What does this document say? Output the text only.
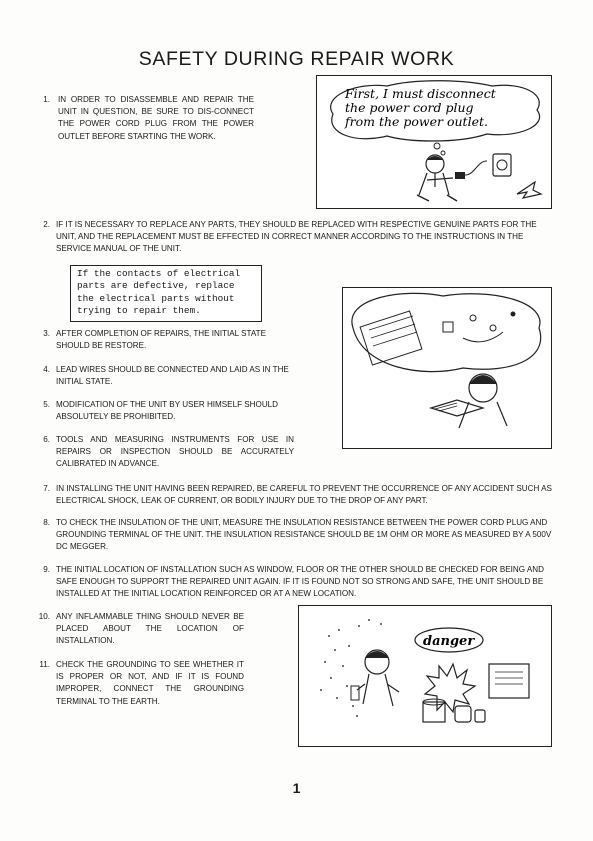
SAFETY DURING REPAIR WORK
1. IN ORDER TO DISASSEMBLE AND REPAIR THE UNIT IN QUESTION, BE SURE TO DIS-CONNECT THE POWER CORD PLUG FROM THE POWER OUTLET BEFORE STARTING THE WORK.
First, I must disconnect
the power cord plug
from the power outlet.
2. IF IT IS NECESSARY TO REPLACE ANY PARTS, THEY SHOULD BE REPLACED WITH RESPECTIVE GENUINE PARTS FOR THE UNIT, AND THE REPLACEMENT MUST BE EFFECTED IN CORRECT MANNER ACCORDING TO THE INSTRUCTIONS IN THE SERVICE MANUAL OF THE UNIT.
If the contacts of electrical parts are defective, replace the electrical parts without trying to repair them.
3. AFTER COMPLETION OF REPAIRS, THE INITIAL STATE SHOULD BE RESTORE.
4. LEAD WIRES SHOULD BE CONNECTED AND LAID AS IN THE INITIAL STATE.
5. MODIFICATION OF THE UNIT BY USER HIMSELF SHOULD ABSOLUTELY BE PROHIBITED.
6. TOOLS AND MEASURING INSTRUMENTS FOR USE IN REPAIRS OR INSPECTION SHOULD BE ACCURATELY CALIBRATED IN ADVANCE.
7. IN INSTALLING THE UNIT HAVING BEEN REPAIRED, BE CAREFUL TO PREVENT THE OCCURRENCE OF ANY ACCIDENT SUCH AS ELECTRICAL SHOCK, LEAK OF CURRENT, OR BODILY INJURY DUE TO THE DROP OF ANY PART.
8. TO CHECK THE INSULATION OF THE UNIT, MEASURE THE INSULATION RESISTANCE BETWEEN THE POWER CORD PLUG AND GROUNDING TERMINAL OF THE UNIT. THE INSULATION RESISTANCE SHOULD BE 1M OHM OR MORE AS MEASURED BY A 500V DC MEGGER.
9. THE INITIAL LOCATION OF INSTALLATION SUCH AS WINDOW, FLOOR OR THE OTHER SHOULD BE CHECKED FOR BEING AND SAFE ENOUGH TO SUPPORT THE REPAIRED UNIT AGAIN. IF IT IS FOUND NOT SO STRONG AND SAFE, THE UNIT SHOULD BE INSTALLED AT THE INITIAL LOCATION REINFORCED OR AT A NEW LOCATION.
10. ANY INFLAMMABLE THING SHOULD NEVER BE PLACED ABOUT THE LOCATION OF INSTALLATION.
11. CHECK THE GROUNDING TO SEE WHETHER IT IS PROPER OR NOT, AND IF IT IS FOUND IMPROPER, CONNECT THE GROUNDING TERMINAL TO THE EARTH.
danger
1
